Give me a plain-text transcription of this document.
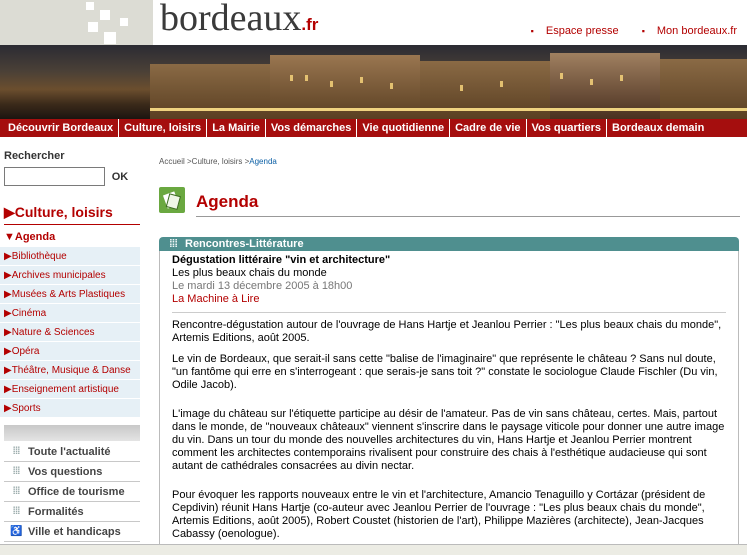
bordeaux.fr	▪ Espace presse	▪ Mon bordeaux.fr
Découvrir Bordeaux	Culture, loisirs	La Mairie	Vos démarches	Vie quotidienne	Cadre de vie	Vos quartiers	Bordeaux demain
Rechercher
OK
▶Culture, loisirs
▼Agenda
▶Bibliothèque
▶Archives municipales
▶Musées & Arts Plastiques
▶Cinéma
▶Nature & Sciences
▶Opéra
▶Théâtre, Musique & Danse
▶Enseignement artistique
▶Sports
⁞⁞⁞ Toute l'actualité
⁞⁞⁞ Vos questions
⁞⁞⁞ Office de tourisme
⁞⁞⁞ Formalités
♿ Ville et handicaps
Accueil >Culture, loisirs >Agenda
Agenda
⁞⁞⁞ Rencontres-Littérature
Dégustation littéraire "vin et architecture"
Les plus beaux chais du monde
Le mardi 13 décembre 2005 à 18h00
La Machine à Lire

Rencontre-dégustation autour de l'ouvrage de Hans Hartje et Jeanlou Perrier : "Les plus beaux chais du monde", Artemis Editions, août 2005.

Le vin de Bordeaux, que serait-il sans cette "balise de l'imaginaire" que représente le château ? Sans nul doute, "un fantôme qui erre en s'interrogeant : que serais-je sans toit ?" constate le sociologue Claude Fischler (Du vin, Odile Jacob).

L'image du château sur l'étiquette participe au désir de l'amateur. Pas de vin sans château, certes. Mais, partout dans le monde, de "nouveaux châteaux" viennent s'inscrire dans le paysage viticole pour donner une autre image du vin. Dans un tour du monde des nouvelles architectures du vin, Hans Hartje et Jeanlou Perrier montrent comment les architectes contemporains rivalisent pour construire des chais à l'esthétique audacieuse qui sont autant de cathédrales consacrées au divin nectar.

Pour évoquer les rapports nouveaux entre le vin et l'architecture, Amancio Tenaguillo y Cortázar (président de Cepdivin) réunit Hans Hartje (co-auteur avec Jeanlou Perrier de l'ouvrage : "Les plus beaux chais du monde", Artemis Editions, août 2005), Robert Coustet (historien de l'art), Philippe Mazières (architecte), Jean-Jacques Cabassy (oenologue).
